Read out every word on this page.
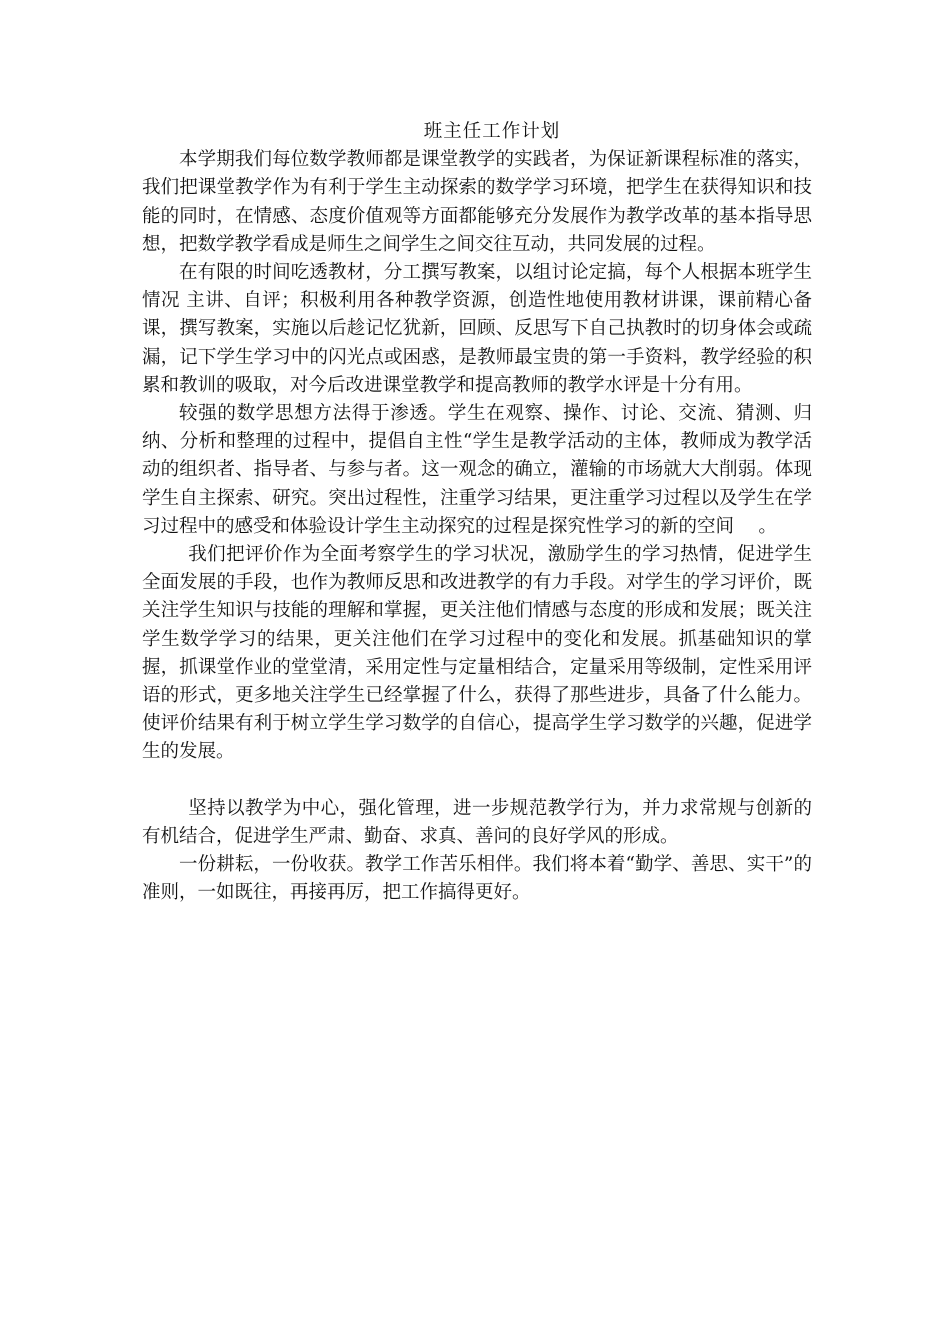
班主任工作计划

本学期我们每位数学教师都是课堂教学的实践者，为保证新课程标准的落实，我们把课堂教学作为有利于学生主动探索的数学学习环境，把学生在获得知识和技能的同时，在情感、态度价值观等方面都能够充分发展作为教学改革的基本指导思想，把数学教学看成是师生之间学生之间交往互动，共同发展的过程。

在有限的时间吃透教材，分工撰写教案，以组讨论定搞，每个人根据本班学生情况 主讲、自评；积极利用各种教学资源，创造性地使用教材讲课，课前精心备课，撰写教案，实施以后趁记忆犹新，回顾、反思写下自己执教时的切身体会或疏漏，记下学生学习中的闪光点或困惑，是教师最宝贵的第一手资料，教学经验的积累和教训的吸取，对今后改进课堂教学和提高教师的教学水评是十分有用。

较强的数学思想方法得于渗透。学生在观察、操作、讨论、交流、猜测、归纳、分析和整理的过程中，提倡自主性“学生是教学活动的主体，教师成为教学活动的组织者、指导者、与参与者。这一观念的确立，灌输的市场就大大削弱。体现学生自主探索、研究。突出过程性，注重学习结果，更注重学习过程以及学生在学习过程中的感受和体验设计学生主动探究的过程是探究性学习的新的空间　 。

我们把评价作为全面考察学生的学习状况，激励学生的学习热情，促进学生全面发展的手段，也作为教师反思和改进教学的有力手段。对学生的学习评价，既关注学生知识与技能的理解和掌握，更关注他们情感与态度的形成和发展；既关注学生数学学习的结果，更关注他们在学习过程中的变化和发展。抓基础知识的掌握，抓课堂作业的堂堂清，采用定性与定量相结合，定量采用等级制，定性采用评语的形式，更多地关注学生已经掌握了什么，获得了那些进步，具备了什么能力。使评价结果有利于树立学生学习数学的自信心，提高学生学习数学的兴趣，促进学生的发展。

坚持以教学为中心，强化管理，进一步规范教学行为，并力求常规与创新的有机结合，促进学生严肃、勤奋、求真、善问的良好学风的形成。

一份耕耘，一份收获。教学工作苦乐相伴。我们将本着“勤学、善思、实干”的准则，一如既往，再接再厉，把工作搞得更好。
